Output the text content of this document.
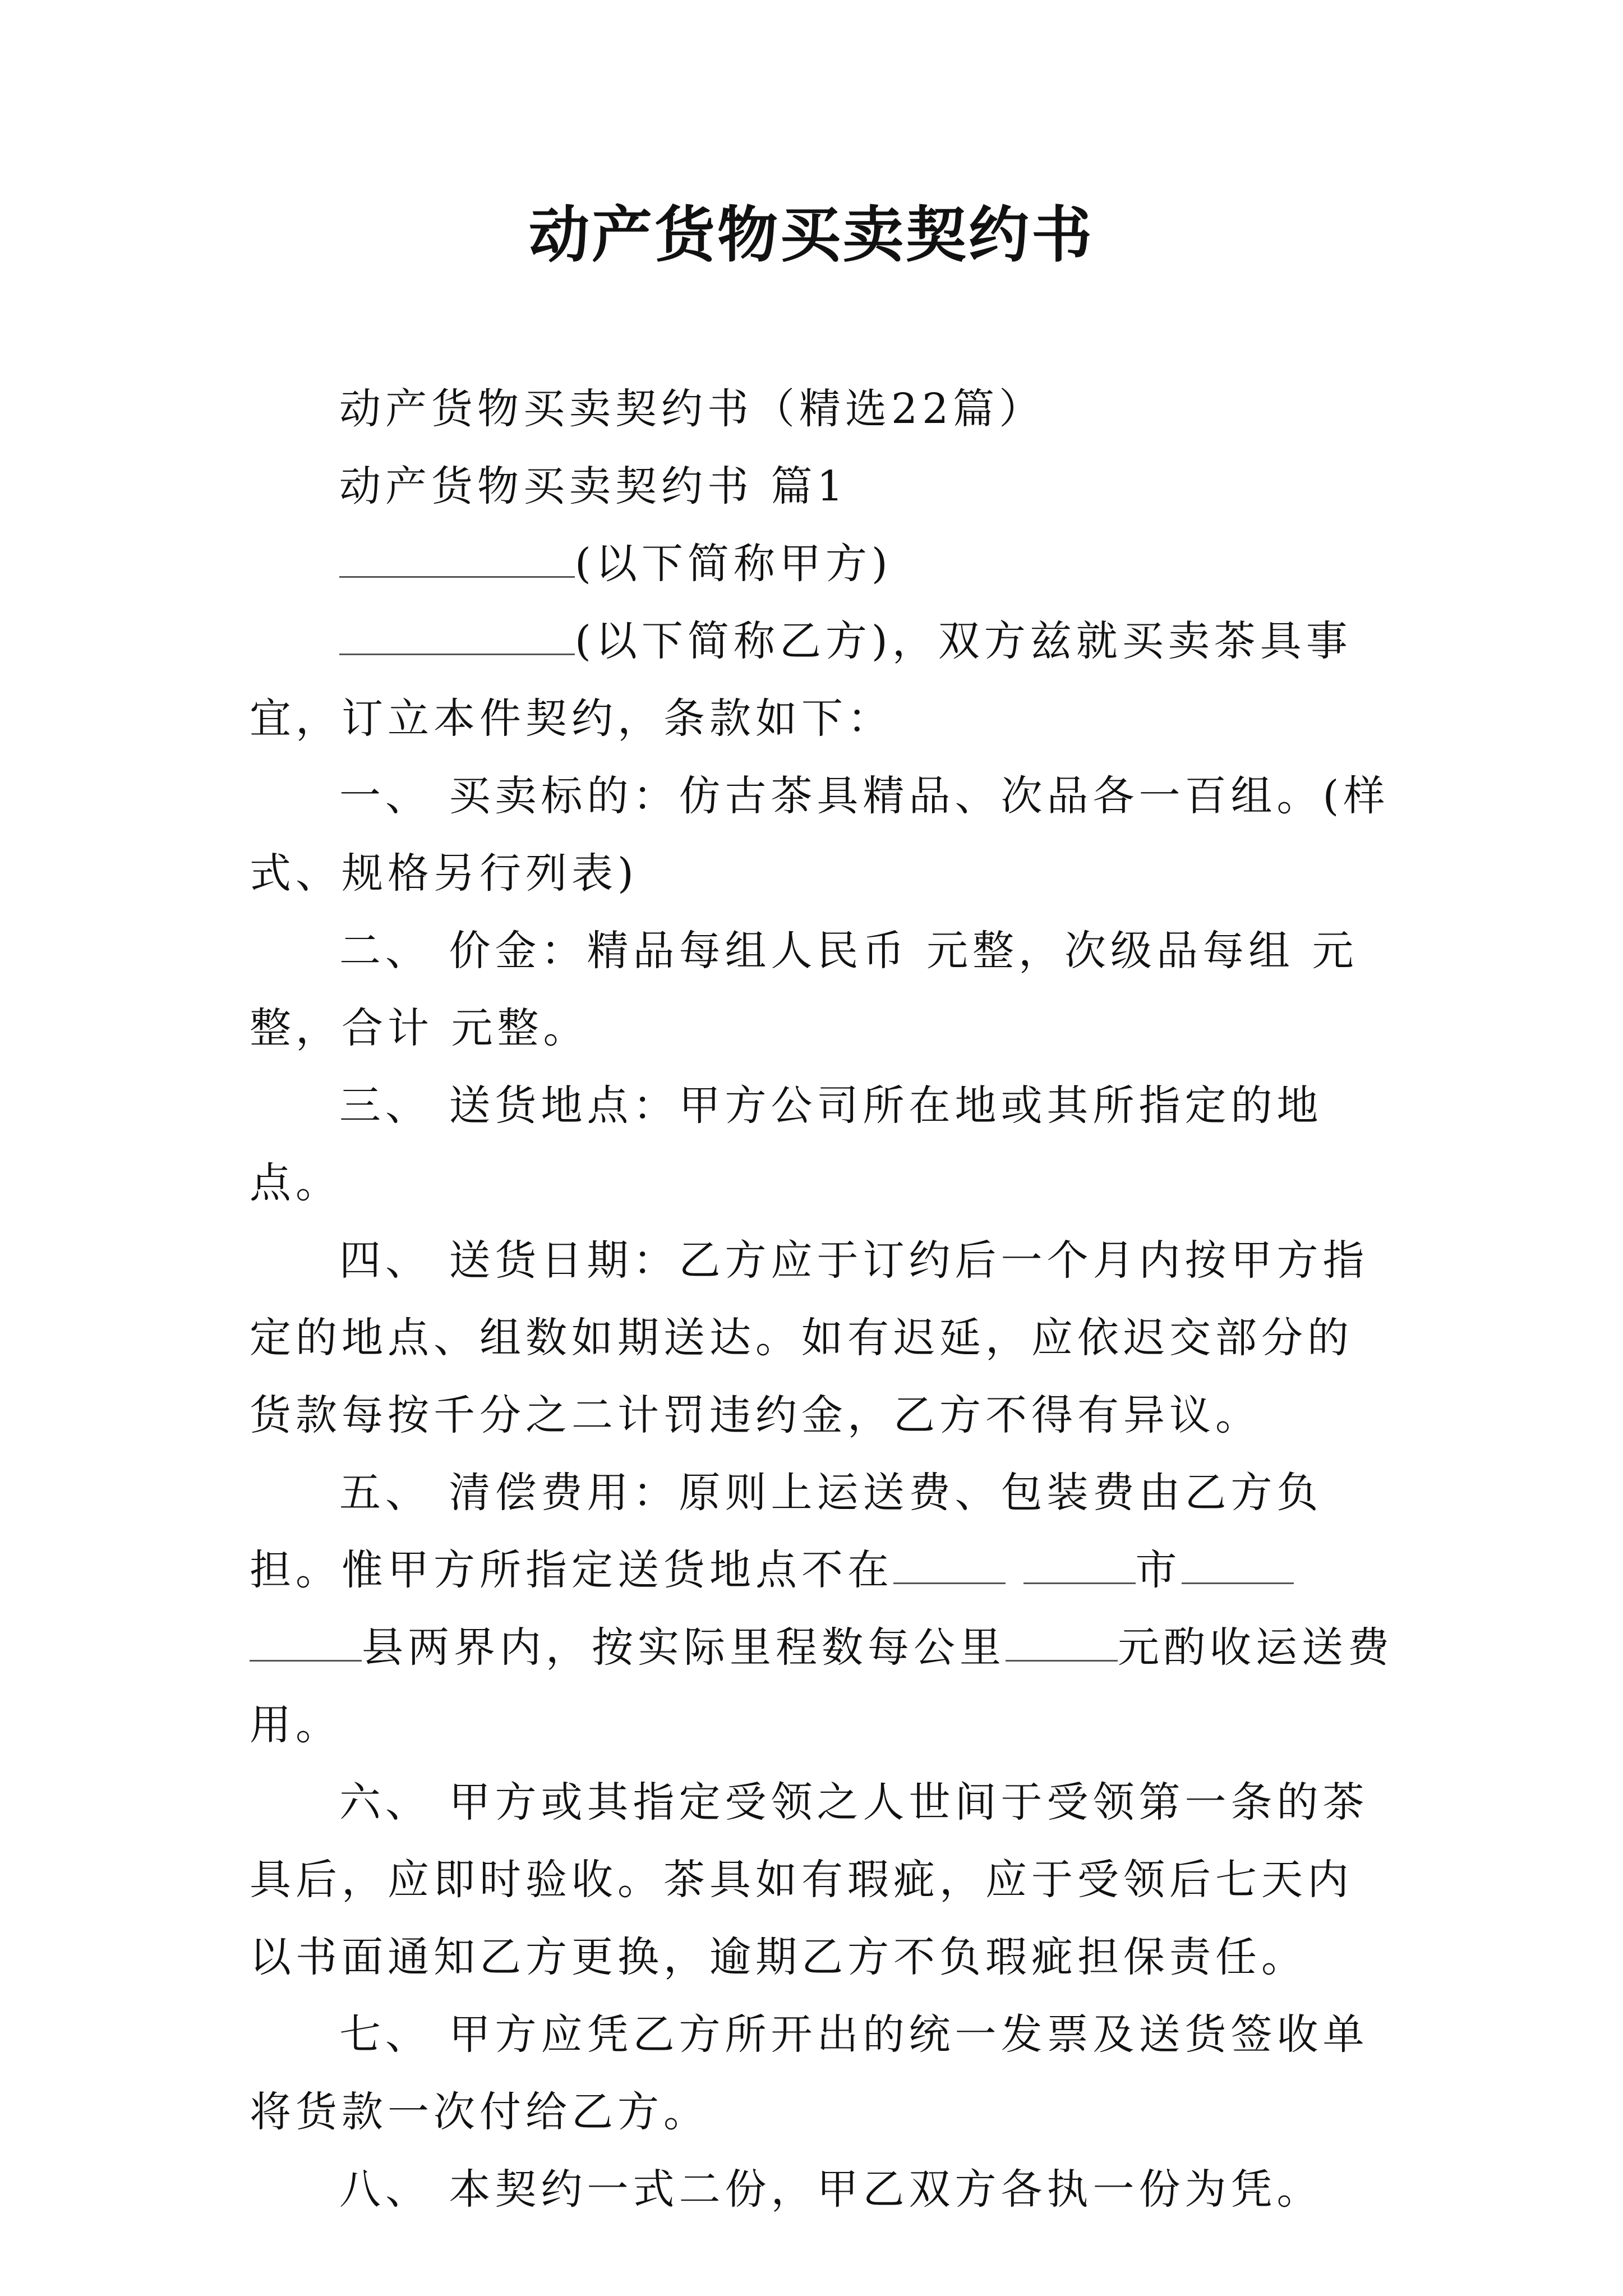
动产货物买卖契约书

动产货物买卖契约书（精选22篇）

动产货物买卖契约书 篇1

(以下简称甲方)

(以下简称乙方)，双方兹就买卖茶具事宜，订立本件契约，条款如下：

一、 买卖标的：仿古茶具精品、次品各一百组。(样式、规格另行列表)

二、 价金：精品每组人民币 元整，次级品每组 元整，合计 元整。

三、 送货地点：甲方公司所在地或其所指定的地点。

四、 送货日期：乙方应于订约后一个月内按甲方指定的地点、组数如期送达。如有迟延，应依迟交部分的货款每按千分之二计罚违约金，乙方不得有异议。

五、 清偿费用：原则上运送费、包装费由乙方负担。惟甲方所指定送货地点不在	市 县两界内，按实际里程数每公里	元酌收运送费用。

六、 甲方或其指定受领之人世间于受领第一条的茶具后，应即时验收。茶具如有瑕疵，应于受领后七天内以书面通知乙方更换，逾期乙方不负瑕疵担保责任。

七、 甲方应凭乙方所开出的统一发票及送货签收单将货款一次付给乙方。

八、 本契约一式二份，甲乙双方各执一份为凭。
